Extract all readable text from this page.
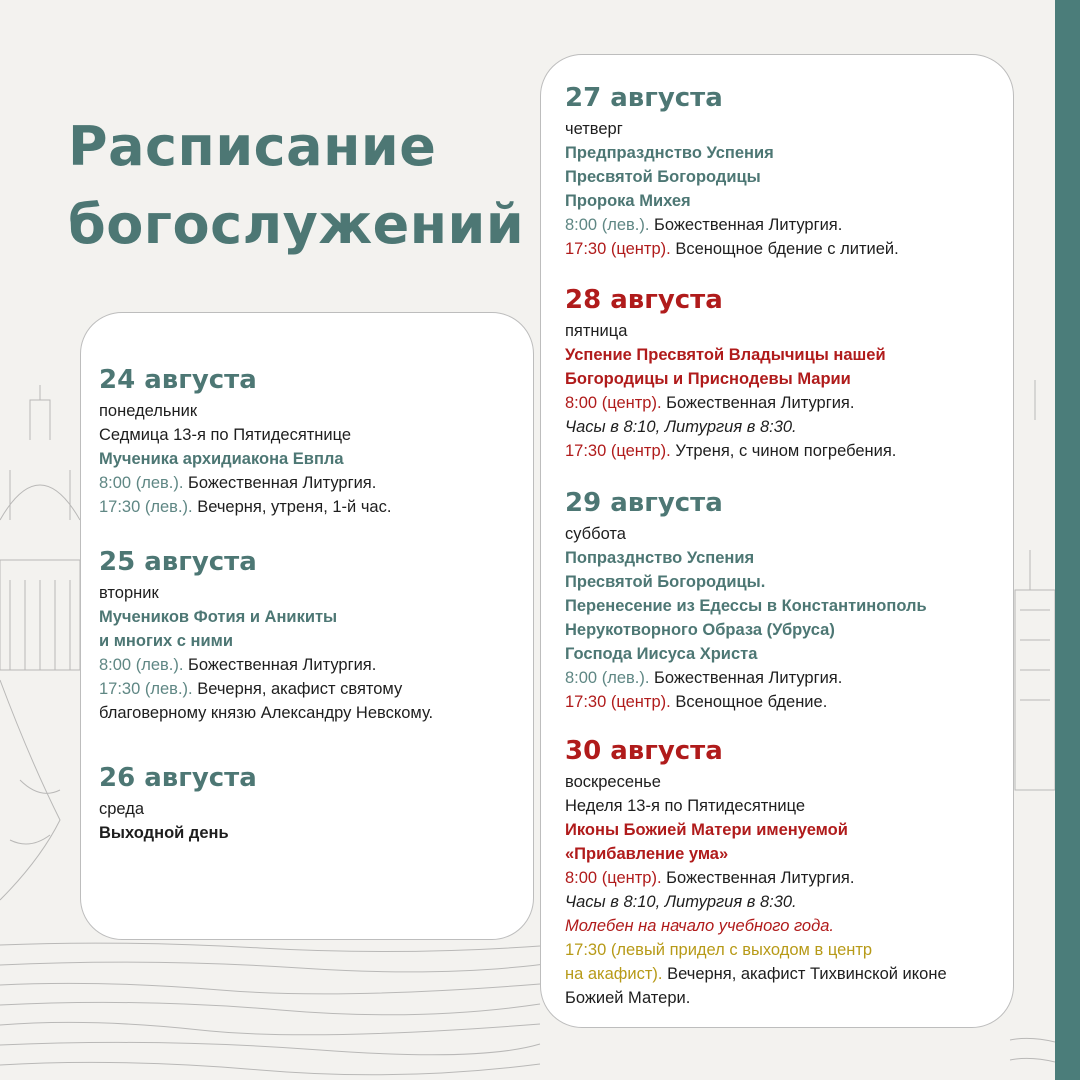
Расписание
богослужений
24 августа
понедельник
Седмица 13-я по Пятидесятнице
Мученика архидиакона Евпла
8:00 (лев.). Божественная Литургия.
17:30 (лев.). Вечерня, утреня, 1-й час.
25 августа
вторник
Мучеников Фотия и Аникиты
и многих с ними
8:00 (лев.). Божественная Литургия.
17:30 (лев.). Вечерня, акафист святому
благоверному князю Александру Невскому.
26 августа
среда
Выходной день
27 августа
четверг
Предпразднство Успения
Пресвятой Богородицы
Пророка Михея
8:00 (лев.). Божественная Литургия.
17:30 (центр). Всенощное бдение с литией.
28 августа
пятница
Успение Пресвятой Владычицы нашей
Богородицы и Приснодевы Марии
8:00 (центр). Божественная Литургия.
Часы в 8:10, Литургия в 8:30.
17:30 (центр). Утреня, с чином погребения.
29 августа
суббота
Попразднство Успения
Пресвятой Богородицы.
Перенесение из Едессы в Константинополь
Нерукотворного Образа (Убруса)
Господа Иисуса Христа
8:00 (лев.). Божественная Литургия.
17:30 (центр). Всенощное бдение.
30 августа
воскресенье
Неделя 13-я по Пятидесятнице
Иконы Божией Матери именуемой
«Прибавление ума»
8:00 (центр). Божественная Литургия.
Часы в 8:10, Литургия в 8:30.
Молебен на начало учебного года.
17:30 (левый придел с выходом в центр
на акафист). Вечерня, акафист Тихвинской иконе
Божией Матери.
